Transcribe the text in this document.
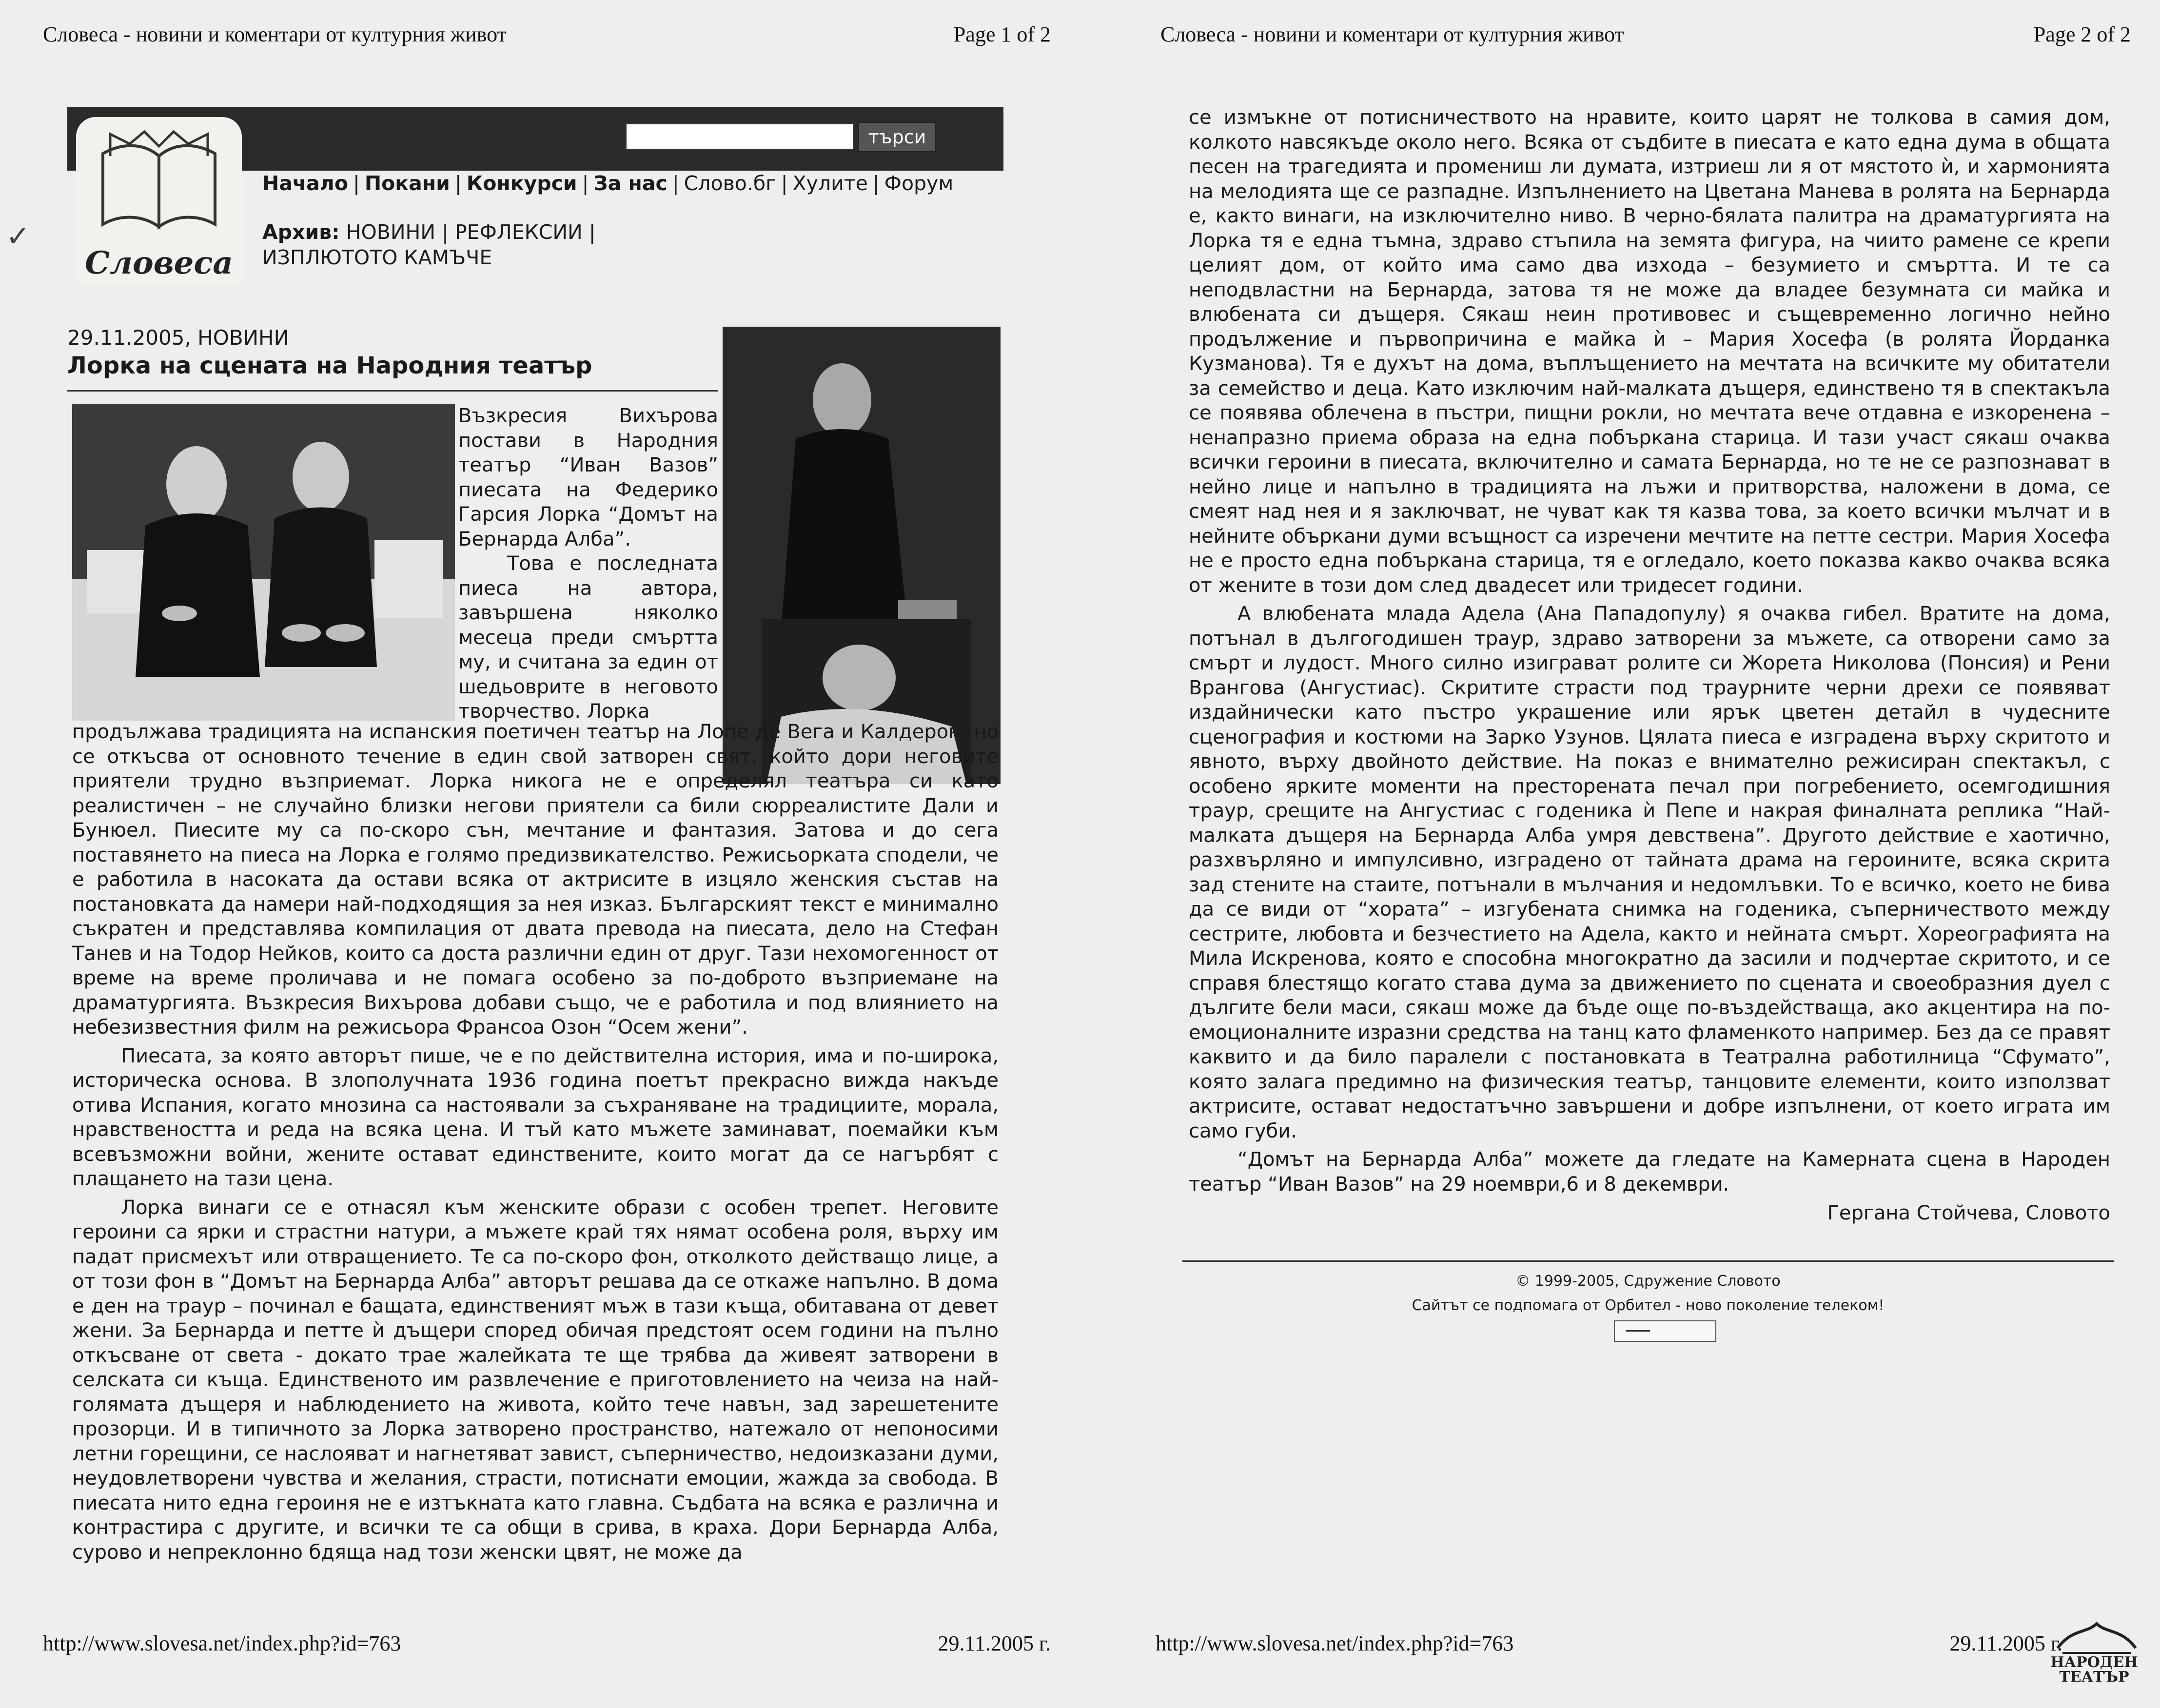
✓
Словеса - новини и коментари от културния живот	Page 1 of 2
Словеса
Начало | Покани | Конкурси | За нас | Слово.бг | Хулите | Форум
Архив: НОВИНИ | РЕФЛЕКСИИ |
ИЗПЛЮТОТО КАМЪЧЕ
търси
29.11.2005, НОВИНИ
Лорка на сцената на Народния театър

Възкресия Вихърова постави в Народния театър “Иван Вазов” пиесата на Федерико Гарсия Лорка “Домът на Бернарда Алба”.

Това е последната пиеса на автора, завършена няколко месеца преди смъртта му, и считана за един от шедьоврите в неговото творчество. Лорка

продължава традицията на испанския поетичен театър на Лопе де Вега и Калдерон, но се откъсва от основното течение в един свой затворен свят, който дори неговите приятели трудно възприемат. Лорка никога не е определял театъра си като реалистичен – не случайно близки негови приятели са били сюрреалистите Дали и Бунюел. Пиесите му са по-скоро сън, мечтание и фантазия. Затова и до сега поставянето на пиеса на Лорка е голямо предизвикателство. Режисьорката сподели, че е работила в насоката да остави всяка от актрисите в изцяло женския състав на постановката да намери най-подходящия за нея изказ. Българският текст е минимално съкратен и представлява компилация от двата превода на пиесата, дело на Стефан Танев и на Тодор Нейков, които са доста различни един от друг. Тази нехомогенност от време на време проличава и не помага особено за по-доброто възприемане на драматургията. Възкресия Вихърова добави също, че е работила и под влиянието на небезизвестния филм на режисьора Франсоа Озон “Осем жени”.

Пиесата, за която авторът пише, че е по действителна история, има и по-широка, историческа основа. В злополучната 1936 година поетът прекрасно вижда накъде отива Испания, когато мнозина са настоявали за съхраняване на традициите, морала, нравствеността и реда на всяка цена. И тъй като мъжете заминават, поемайки към всевъзможни войни, жените остават единствените, които могат да се нагърбят с плащането на тази цена.

Лорка винаги се е отнасял към женските образи с особен трепет. Неговите героини са ярки и страстни натури, а мъжете край тях нямат особена роля, върху им падат присмехът или отвращението. Те са по-скоро фон, отколкото действащо лице, а от този фон в “Домът на Бернарда Алба” авторът решава да се откаже напълно. В дома е ден на траур – починал е бащата, единственият мъж в тази къща, обитавана от девет жени. За Бернарда и петте ѝ дъщери според обичая предстоят осем години на пълно откъсване от света - докато трае жалейката те ще трябва да живеят затворени в селската си къща. Единственото им развлечение е приготовлението на чеиза на най-голямата дъщеря и наблюдението на живота, който тече навън, зад зарешетените прозорци. И в типичното за Лорка затворено пространство, натежало от непоносими летни горещини, се наслояват и нагнетяват завист, съперничество, недоизказани думи, неудовлетворени чувства и желания, страсти, потиснати емоции, жажда за свобода. В пиесата нито една героиня не е изтъкната като главна. Съдбата на всяка е различна и контрастира с другите, и всички те са общи в срива, в краха. Дори Бернарда Алба, сурово и непреклонно бдяща над този женски цвят, не може да

http://www.slovesa.net/index.php?id=763	29.11.2005 г.
Словеса - новини и коментари от културния живот	Page 2 of 2
http://www.slovesa.net/index.php?id=763	29.11.2005 г.

се измъкне от потисничеството на нравите, които царят не толкова в самия дом, колкото навсякъде около него. Всяка от съдбите в пиесата е като една дума в общата песен на трагедията и промениш ли думата, изтриеш ли я от мястото ѝ, и хармонията на мелодията ще се разпадне. Изпълнението на Цветана Манева в ролята на Бернарда е, както винаги, на изключително ниво. В черно-бялата палитра на драматургията на Лорка тя е една тъмна, здраво стъпила на земята фигура, на чиито рамене се крепи целият дом, от който има само два изхода – безумието и смъртта. И те са неподвластни на Бернарда, затова тя не може да владее безумната си майка и влюбената си дъщеря. Сякаш неин противовес и същевременно логично нейно продължение и първопричина е майка ѝ – Мария Хосефа (в ролята Йорданка Кузманова). Тя е духът на дома, въплъщението на мечтата на всичките му обитатели за семейство и деца. Като изключим най-малката дъщеря, единствено тя в спектакъла се появява облечена в пъстри, пищни рокли, но мечтата вече отдавна е изкоренена – ненапразно приема образа на една побъркана старица. И тази участ сякаш очаква всички героини в пиесата, включително и самата Бернарда, но те не се разпознават в нейно лице и напълно в традицията на лъжи и притворства, наложени в дома, се смеят над нея и я заключват, не чуват как тя казва това, за което всички мълчат и в нейните объркани думи всъщност са изречени мечтите на петте сестри. Мария Хосефа не е просто една побъркана старица, тя е огледало, което показва какво очаква всяка от жените в този дом след двадесет или тридесет години.

А влюбената млада Адела (Ана Пападопулу) я очаква гибел. Вратите на дома, потънал в дългогодишен траур, здраво затворени за мъжете, са отворени само за смърт и лудост. Много силно изиграват ролите си Жорета Николова (Понсия) и Рени Врангова (Ангустиас). Скритите страсти под траурните черни дрехи се появяват издайнически като пъстро украшение или ярък цветен детайл в чудесните сценография и костюми на Зарко Узунов. Цялата пиеса е изградена върху скритото и явното, върху двойното действие. На показ е внимателно режисиран спектакъл, с особено ярките моменти на престорената печал при погребението, осемгодишния траур, срещите на Ангустиас с годеника ѝ Пепе и накрая финалната реплика “Най-малката дъщеря на Бернарда Алба умря девствена”. Другото действие е хаотично, разхвърляно и импулсивно, изградено от тайната драма на героините, всяка скрита зад стените на стаите, потънали в мълчания и недомлъвки. То е всичко, което не бива да се види от “хората” – изгубената снимка на годеника, съперничеството между сестрите, любовта и безчестието на Адела, както и нейната смърт. Хореографията на Мила Искренова, която е способна многократно да засили и подчертае скритото, и се справя блестящо когато става дума за движението по сцената и своеобразния дуел с дългите бели маси, сякаш може да бъде още по-въздействаща, ако акцентира на по-емоционалните изразни средства на танц като фламенкото например. Без да се правят каквито и да било паралели с постановката в Театрална работилница “Сфумато”, която залага предимно на физическия театър, танцовите елементи, които използват актрисите, остават недостатъчно завършени и добре изпълнени, от което играта им само губи.

“Домът на Бернарда Алба” можете да гледате на Камерната сцена в Народен театър “Иван Вазов” на 29 ноември,6 и 8 декември.

Гергана Стойчева, Словото
© 1999-2005, Сдружение Словото
Сайтът се подпомага от Орбител - ново поколение телеком!
НАРОДЕН ТЕАТЪР
